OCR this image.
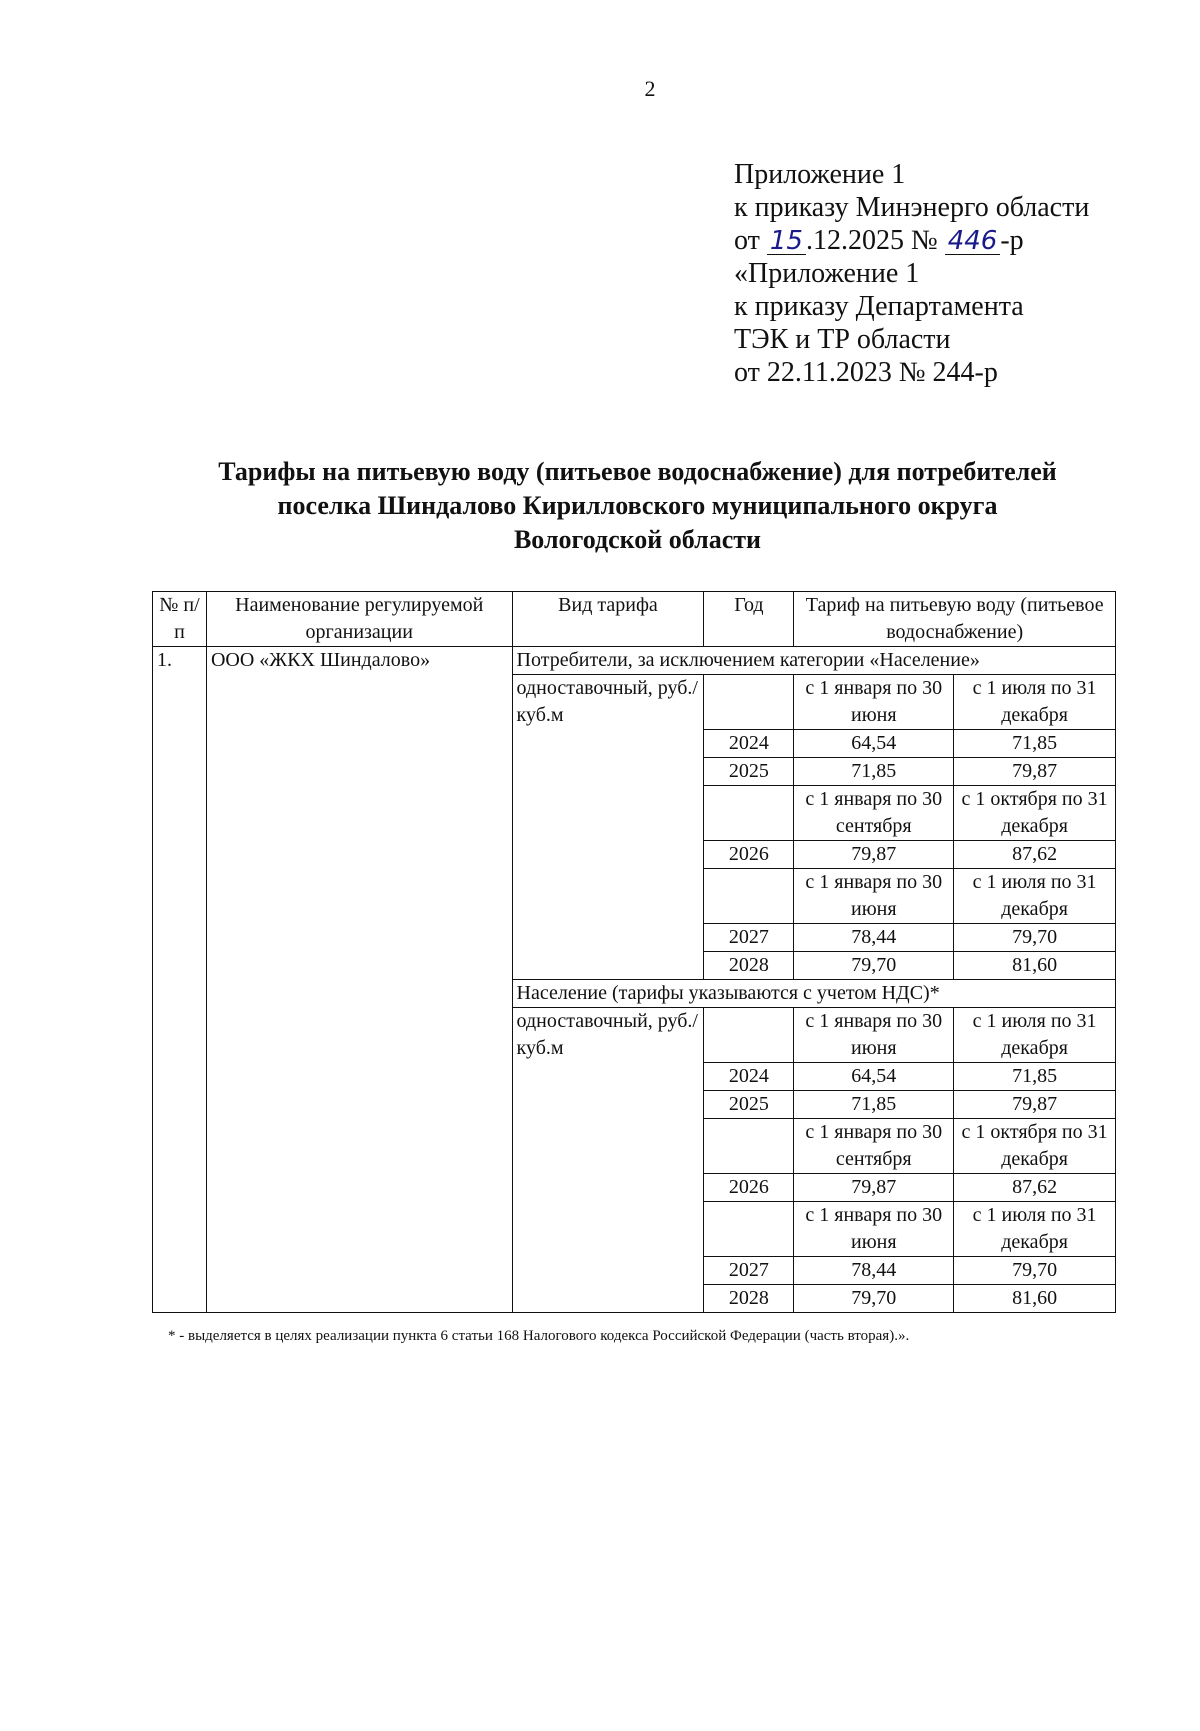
2
Приложение 1
к приказу Минэнерго области
от 15 .12.2025 № 446 -р
«Приложение 1
к приказу Департамента
ТЭК и ТР области
от 22.11.2023 № 244-р
Тарифы на питьевую воду (питьевое водоснабжение) для потребителей
поселка Шиндалово Кирилловского муниципального округа
Вологодской области
№ п/п	Наименование регулируемой организации	Вид тарифа	Год	Тариф на питьевую воду (питьевое водоснабжение)	
1.	ООО «ЖКХ Шиндалово»	Потребители, за исключением категории «Население»			
		одноставочный, руб./куб.м		с 1 января по 30 июня	с 1 июля по 31 декабря
			2024	64,54	71,85
			2025	71,85	79,87
				с 1 января по 30 сентября	с 1 октября по 31 декабря
			2026	79,87	87,62
				с 1 января по 30 июня	с 1 июля по 31 декабря
			2027	78,44	79,70
			2028	79,70	81,60
		Население (тарифы указываются с учетом НДС)*			
		одноставочный, руб./куб.м		с 1 января по 30 июня	с 1 июля по 31 декабря
			2024	64,54	71,85
			2025	71,85	79,87
				с 1 января по 30 сентября	с 1 октября по 31 декабря
			2026	79,87	87,62
				с 1 января по 30 июня	с 1 июля по 31 декабря
			2027	78,44	79,70
			2028	79,70	81,60
* - выделяется в целях реализации пункта 6 статьи 168 Налогового кодекса Российской Федерации (часть вторая).».
